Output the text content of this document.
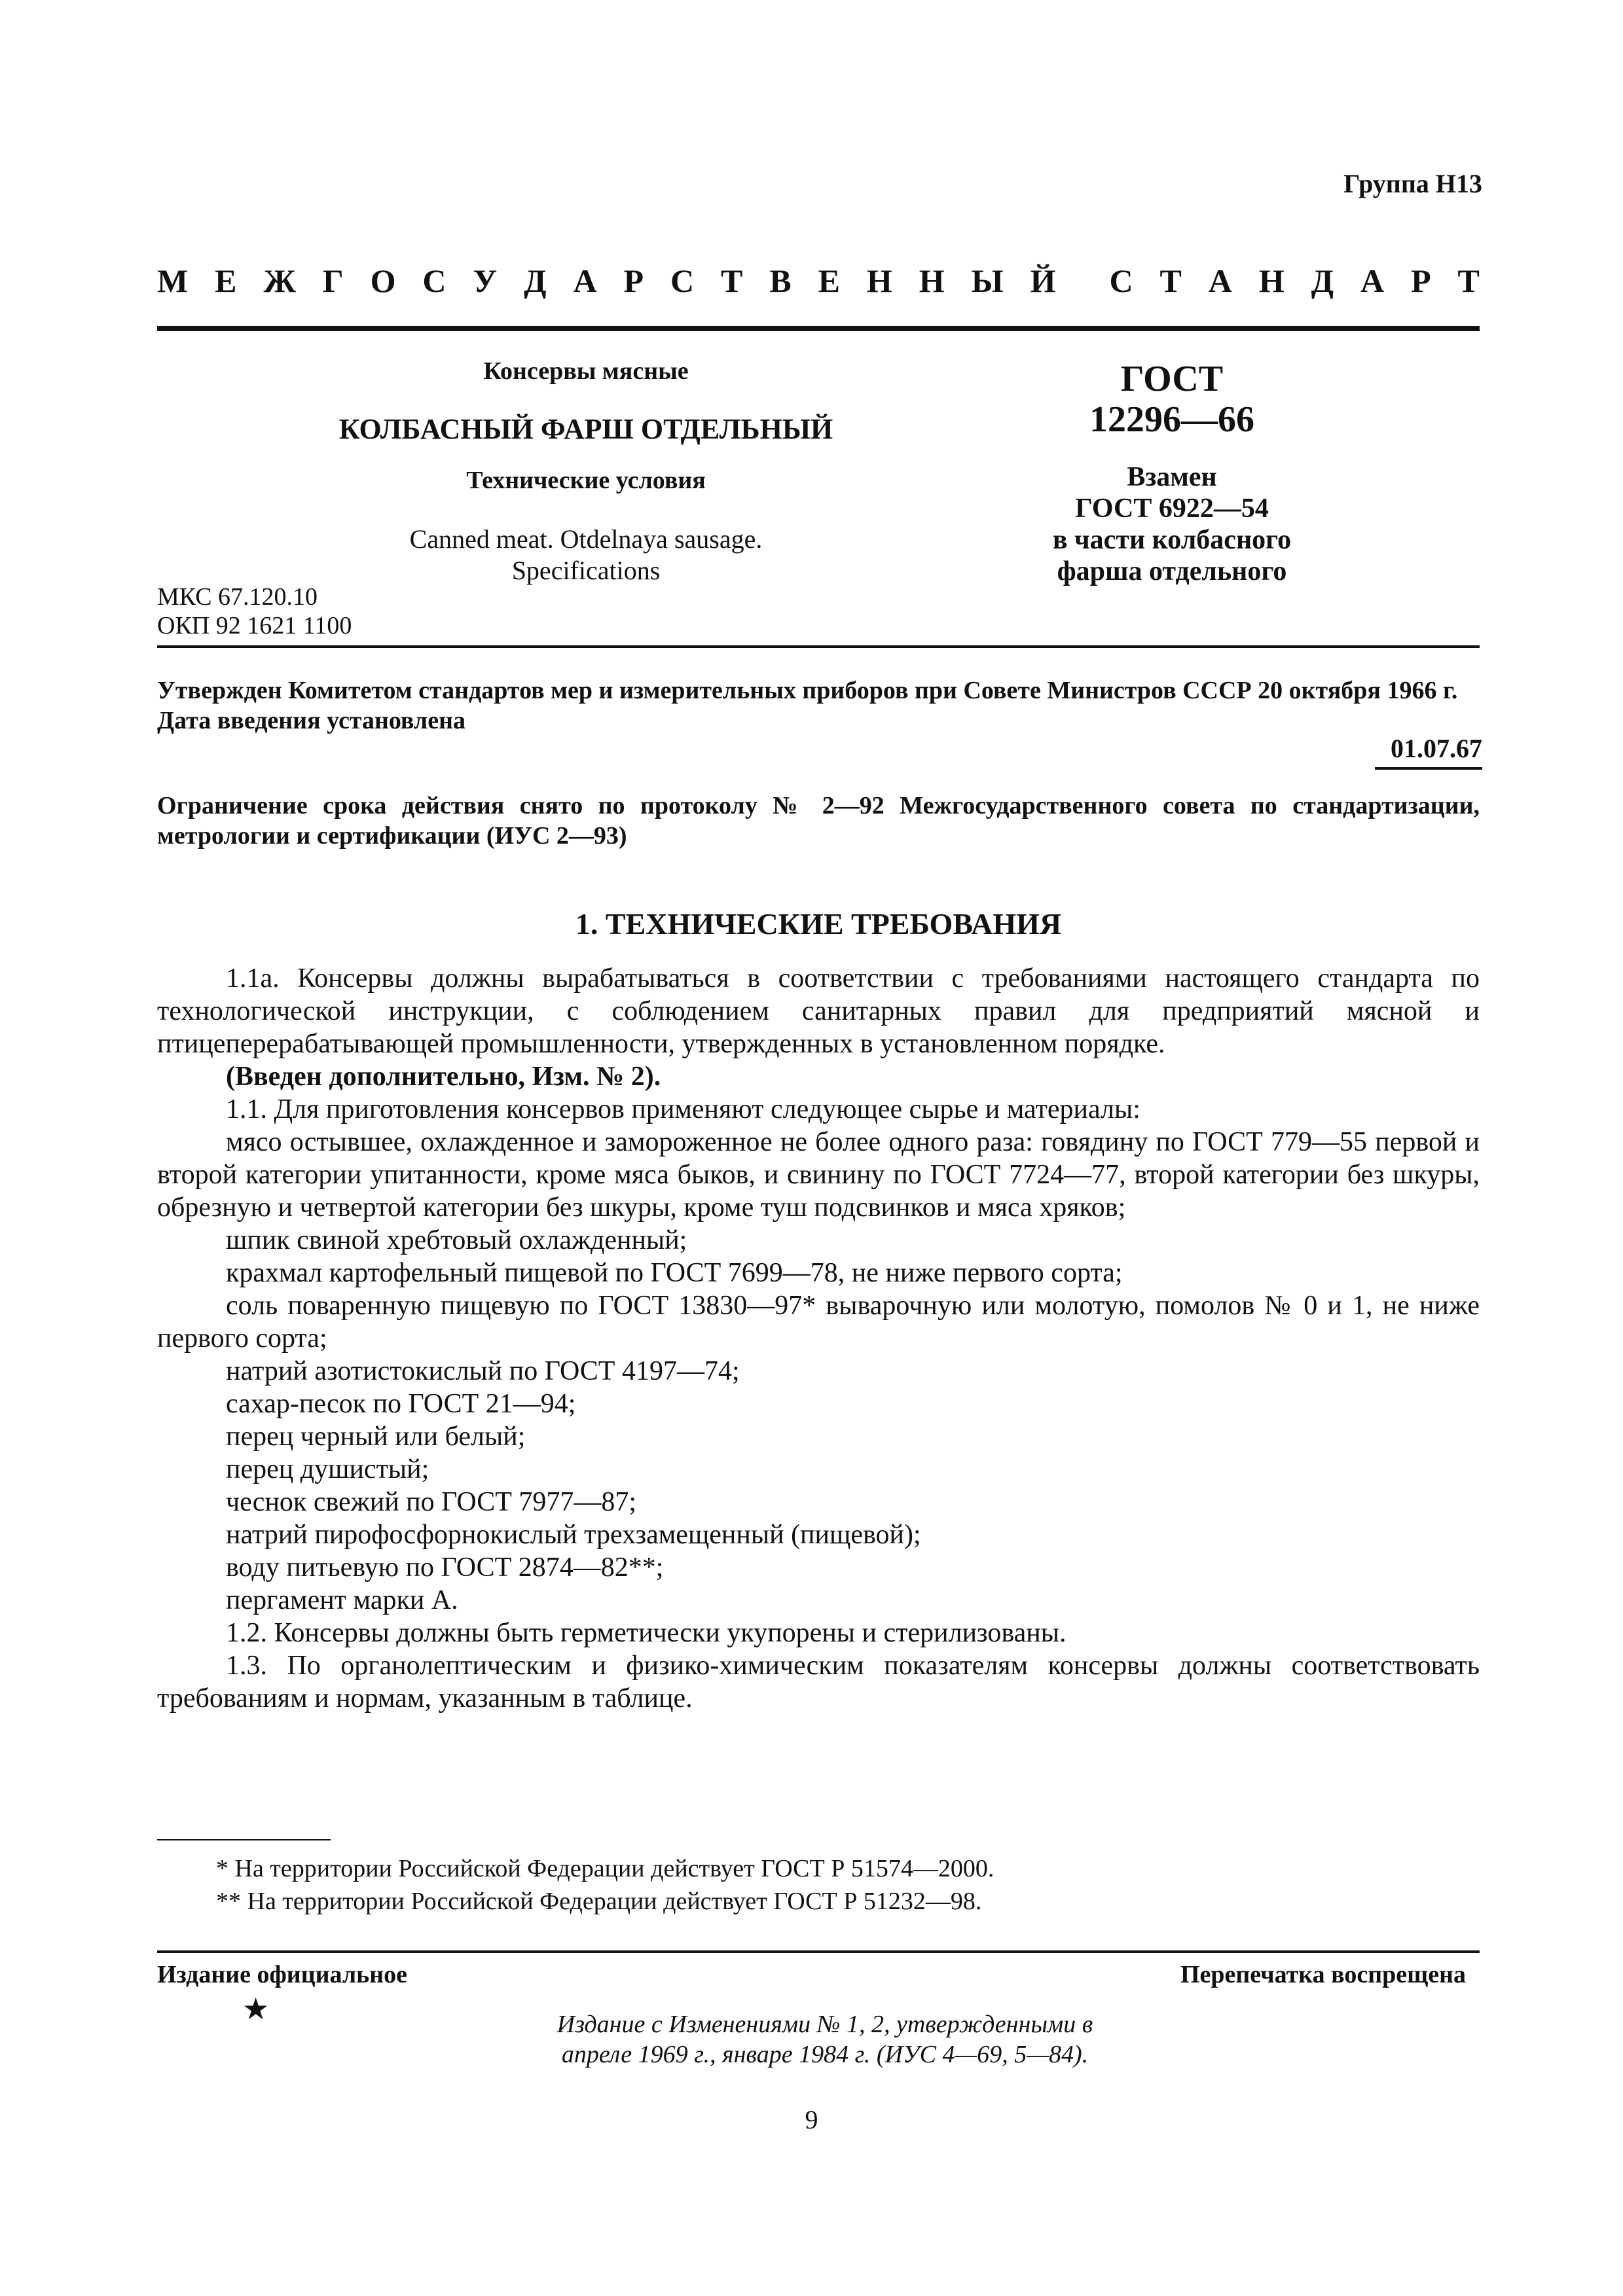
Группа Н13
М Е Ж Г О С У Д А Р С Т В Е Н Н Ы Й С Т А Н Д А Р Т
Консервы мясные
КОЛБАСНЫЙ ФАРШ ОТДЕЛЬНЫЙ
Технические условия
Canned meat. Otdelnaya sausage.
Specifications
ГОСТ
12296—66
Взамен
ГОСТ 6922—54
в части колбасного
фарша отдельного
МКС 67.120.10
ОКП 92 1621 1100
Утвержден Комитетом стандартов мер и измерительных приборов при Совете Министров СССР 20 октября 1966 г.
Дата введения установлена
01.07.67
Ограничение срока действия снято по протоколу № 2—92 Межгосударственного совета по стандартизации, метрологии и сертификации (ИУС 2—93)
1. ТЕХНИЧЕСКИЕ ТРЕБОВАНИЯ

1.1а. Консервы должны вырабатываться в соответствии с требованиями настоящего стандарта по технологической инструкции, с соблюдением санитарных правил для предприятий мясной и птицеперерабатывающей промышленности, утвержденных в установленном порядке.

(Введен дополнительно, Изм. № 2).

1.1. Для приготовления консервов применяют следующее сырье и материалы:

мясо остывшее, охлажденное и замороженное не более одного раза: говядину по ГОСТ 779—55 первой и второй категории упитанности, кроме мяса быков, и свинину по ГОСТ 7724—77, второй категории без шкуры, обрезную и четвертой категории без шкуры, кроме туш подсвинков и мяса хряков;

шпик свиной хребтовый охлажденный;

крахмал картофельный пищевой по ГОСТ 7699—78, не ниже первого сорта;

соль поваренную пищевую по ГОСТ 13830—97* выварочную или молотую, помолов № 0 и 1, не ниже первого сорта;

натрий азотистокислый по ГОСТ 4197—74;

сахар-песок по ГОСТ 21—94;

перец черный или белый;

перец душистый;

чеснок свежий по ГОСТ 7977—87;

натрий пирофосфорнокислый трехзамещенный (пищевой);

воду питьевую по ГОСТ 2874—82**;

пергамент марки А.

1.2. Консервы должны быть герметически укупорены и стерилизованы.

1.3. По органолептическим и физико-химическим показателям консервы должны соответствовать требованиям и нормам, указанным в таблице.

* На территории Российской Федерации действует ГОСТ Р 51574—2000.

** На территории Российской Федерации действует ГОСТ Р 51232—98.

Издание официальное	Перепечатка воспрещена
★	Издание с Изменениями № 1, 2, утвержденными в
апреле 1969 г., январе 1984 г. (ИУС 4—69, 5—84).
9
